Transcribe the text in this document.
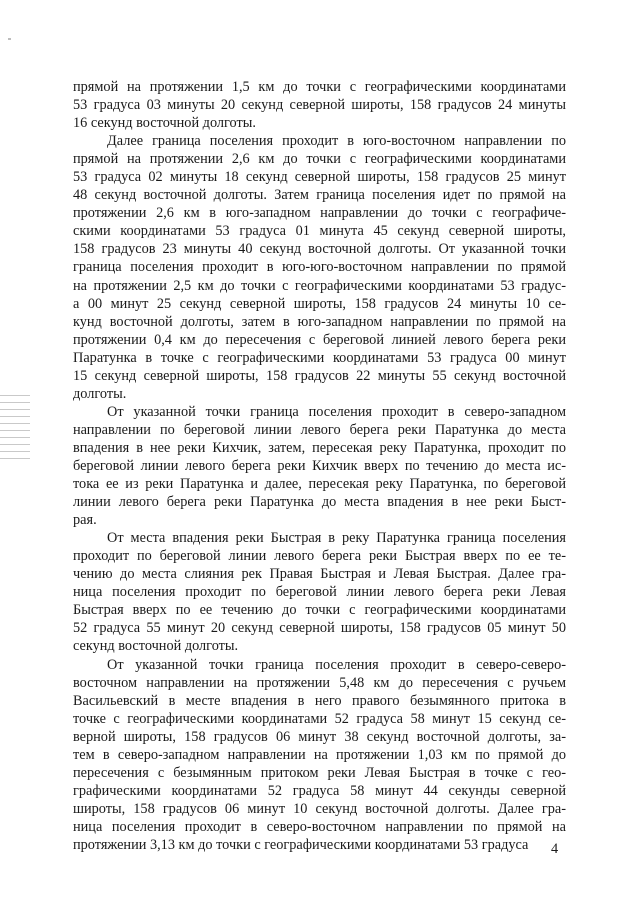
прямой на протяжении 1,5 км до точки с географическими координатами
53 градуса 03 минуты 20 секунд северной широты, 158 градусов 24 минуты
16 секунд восточной долготы.
Далее граница поселения проходит в юго-восточном направлении по
прямой на протяжении 2,6 км до точки с географическими координатами
53 градуса 02 минуты 18 секунд северной широты, 158 градусов 25 минут
48 секунд восточной долготы. Затем граница поселения идет по прямой на
протяжении 2,6 км в юго-западном направлении до точки с географиче-
скими координатами 53 градуса 01 минута 45 секунд северной широты,
158 градусов 23 минуты 40 секунд восточной долготы. От указанной точки
граница поселения проходит в юго-юго-восточном направлении по прямой
на протяжении 2,5 км до точки с географическими координатами 53 градус-
а 00 минут 25 секунд северной широты, 158 градусов 24 минуты 10 се-
кунд восточной долготы, затем в юго-западном направлении по прямой на
протяжении 0,4 км до пересечения с береговой линией левого берега реки
Паратунка в точке с географическими координатами 53 градуса 00 минут
15 секунд северной широты, 158 градусов 22 минуты 55 секунд восточной
долготы.
От указанной точки граница поселения проходит в северо-западном
направлении по береговой линии левого берега реки Паратунка до места
впадения в нее реки Кихчик, затем, пересекая реку Паратунка, проходит по
береговой линии левого берега реки Кихчик вверх по течению до места ис-
тока ее из реки Паратунка и далее, пересекая реку Паратунка, по береговой
линии левого берега реки Паратунка до места впадения в нее реки Быст-
рая.
От места впадения реки Быстрая в реку Паратунка граница поселения
проходит по береговой линии левого берега реки Быстрая вверх по ее те-
чению до места слияния рек Правая Быстрая и Левая Быстрая. Далее гра-
ница поселения проходит по береговой линии левого берега реки Левая
Быстрая вверх по ее течению до точки с географическими координатами
52 градуса 55 минут 20 секунд северной широты, 158 градусов 05 минут 50
секунд восточной долготы.
От указанной точки граница поселения проходит в северо-северо-
восточном направлении на протяжении 5,48 км до пересечения с ручьем
Васильевский в месте впадения в него правого безымянного притока в
точке с географическими координатами 52 градуса 58 минут 15 секунд се-
верной широты, 158 градусов 06 минут 38 секунд восточной долготы, за-
тем в северо-западном направлении на протяжении 1,03 км по прямой до
пересечения с безымянным притоком реки Левая Быстрая в точке с гео-
графическими координатами 52 градуса 58 минут 44 секунды северной
широты, 158 градусов 06 минут 10 секунд восточной долготы. Далее гра-
ница поселения проходит в северо-восточном направлении по прямой на
протяжении 3,13 км до точки с географическими координатами 53 градуса	4
